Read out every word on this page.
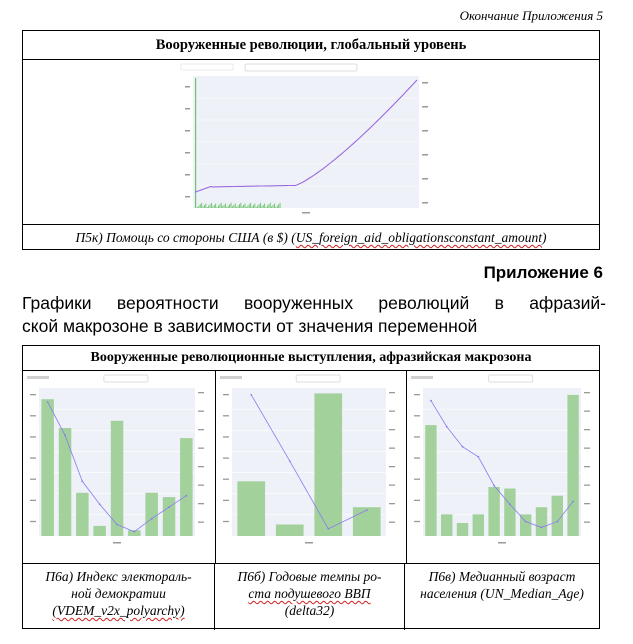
Окончание Приложения 5
Вооруженные революции, глобальный уровень
П5к) Помощь со стороны США (в $) (US_foreign_aid_obligationsconstant_amount)
Приложение 6
Графики вероятности вооруженных революций в афразий-
ской макрозоне в зависимости от значения переменной
Вооруженные революционные выступления, афразийская макрозона
П6а) Индекс электораль-
ной демократии
(VDEM_v2x_polyarchy)
П6б) Годовые темпы ро-
ста подушевого ВВП
(delta32)
П6в) Медианный возраст
населения (UN_Median_Age)
